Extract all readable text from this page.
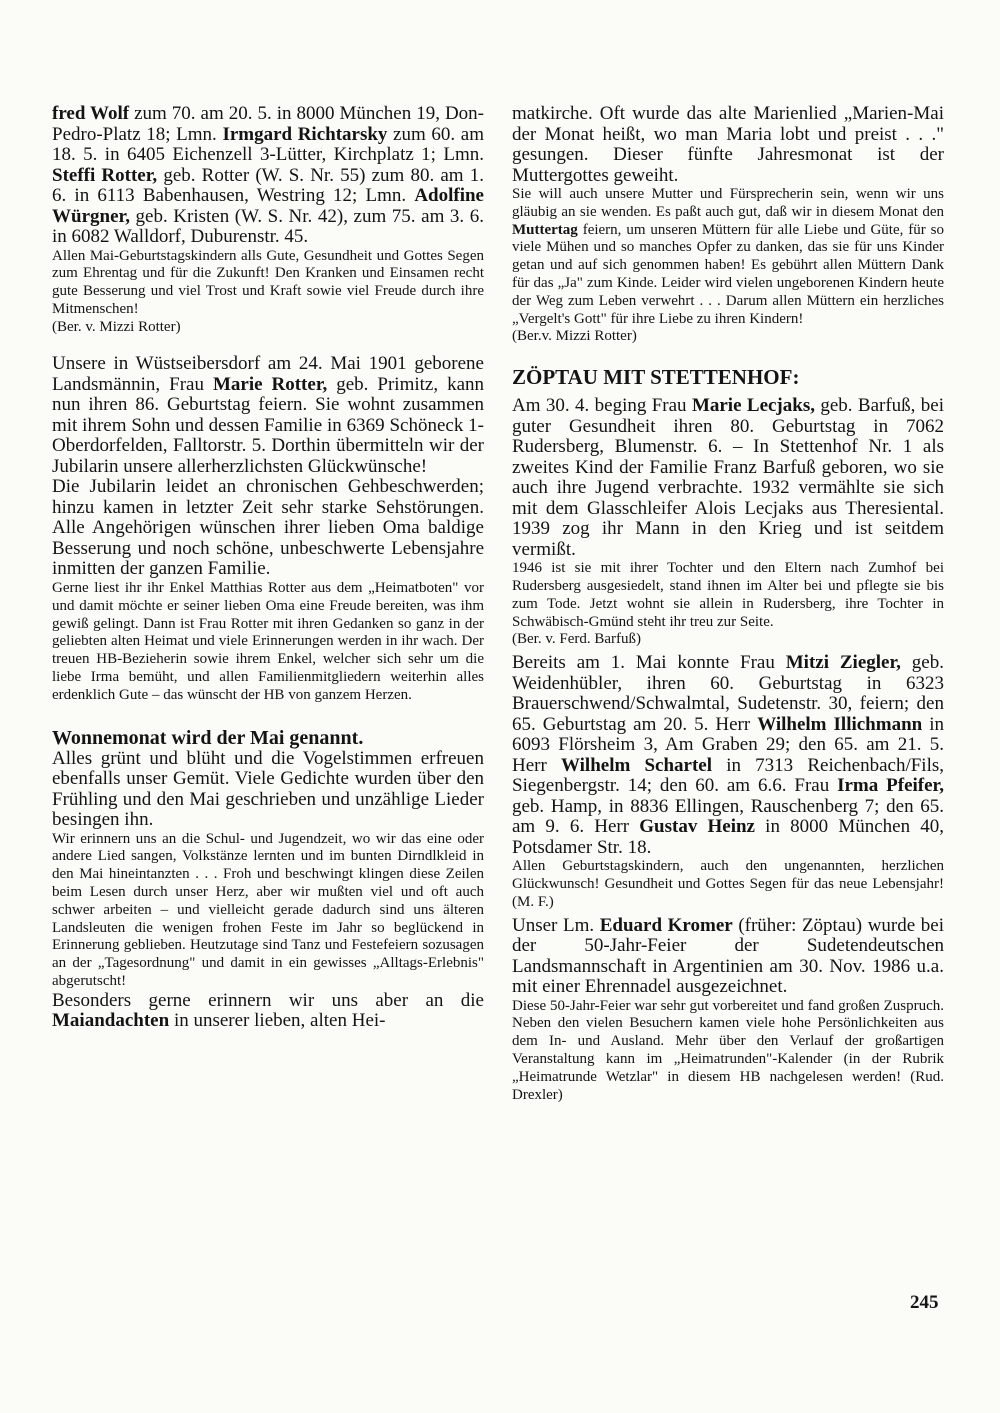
fred Wolf zum 70. am 20. 5. in 8000 München 19, Don-Pedro-Platz 18; Lmn. Irmgard Richtarsky zum 60. am 18. 5. in 6405 Eichenzell 3-Lütter, Kirchplatz 1; Lmn. Steffi Rotter, geb. Rotter (W. S. Nr. 55) zum 80. am 1. 6. in 6113 Babenhausen, Westring 12; Lmn. Adolfine Würgner, geb. Kristen (W. S. Nr. 42), zum 75. am 3. 6. in 6082 Walldorf, Duburenstr. 45.

Allen Mai-Geburtstagskindern alls Gute, Gesundheit und Gottes Segen zum Ehrentag und für die Zukunft! Den Kranken und Einsamen recht gute Besserung und viel Trost und Kraft sowie viel Freude durch ihre Mitmenschen!

(Ber. v. Mizzi Rotter)

Unsere in Wüstseibersdorf am 24. Mai 1901 geborene Landsmännin, Frau Marie Rotter, geb. Primitz, kann nun ihren 86. Geburtstag feiern. Sie wohnt zusammen mit ihrem Sohn und dessen Familie in 6369 Schöneck 1-Oberdorfelden, Falltorstr. 5. Dorthin übermitteln wir der Jubilarin unsere allerherzlichsten Glückwünsche!

Die Jubilarin leidet an chronischen Gehbeschwerden; hinzu kamen in letzter Zeit sehr starke Sehstörungen. Alle Angehörigen wünschen ihrer lieben Oma baldige Besserung und noch schöne, unbeschwerte Lebensjahre inmitten der ganzen Familie.

Gerne liest ihr ihr Enkel Matthias Rotter aus dem „Heimatboten" vor und damit möchte er seiner lieben Oma eine Freude bereiten, was ihm gewiß gelingt. Dann ist Frau Rotter mit ihren Gedanken so ganz in der geliebten alten Heimat und viele Erinnerungen werden in ihr wach. Der treuen HB-Bezieherin sowie ihrem Enkel, welcher sich sehr um die liebe Irma bemüht, und allen Familienmitgliedern weiterhin alles erdenklich Gute – das wünscht der HB von ganzem Herzen.

Wonnemonat wird der Mai genannt.

Alles grünt und blüht und die Vogelstimmen erfreuen ebenfalls unser Gemüt. Viele Gedichte wurden über den Frühling und den Mai geschrieben und unzählige Lieder besingen ihn.

Wir erinnern uns an die Schul- und Jugendzeit, wo wir das eine oder andere Lied sangen, Volkstänze lernten und im bunten Dirndlkleid in den Mai hineintanzten . . . Froh und beschwingt klingen diese Zeilen beim Lesen durch unser Herz, aber wir mußten viel und oft auch schwer arbeiten – und vielleicht gerade dadurch sind uns älteren Landsleuten die wenigen frohen Feste im Jahr so beglückend in Erinnerung geblieben. Heutzutage sind Tanz und Festefeiern sozusagen an der „Tagesordnung" und damit in ein gewisses „Alltags-Erlebnis" abgerutscht!

Besonders gerne erinnern wir uns aber an die Maiandachten in unserer lieben, alten Hei-

matkirche. Oft wurde das alte Marienlied „Marien-Mai der Monat heißt, wo man Maria lobt und preist . . ." gesungen. Dieser fünfte Jahresmonat ist der Muttergottes geweiht.

Sie will auch unsere Mutter und Fürsprecherin sein, wenn wir uns gläubig an sie wenden. Es paßt auch gut, daß wir in diesem Monat den Muttertag feiern, um unseren Müttern für alle Liebe und Güte, für so viele Mühen und so manches Opfer zu danken, das sie für uns Kinder getan und auf sich genommen haben! Es gebührt allen Müttern Dank für das „Ja" zum Kinde. Leider wird vielen ungeborenen Kindern heute der Weg zum Leben verwehrt . . . Darum allen Müttern ein herzliches „Vergelt's Gott" für ihre Liebe zu ihren Kindern!

(Ber.v. Mizzi Rotter)

ZÖPTAU MIT STETTENHOF:

Am 30. 4. beging Frau Marie Lecjaks, geb. Barfuß, bei guter Gesundheit ihren 80. Geburtstag in 7062 Rudersberg, Blumenstr. 6. – In Stettenhof Nr. 1 als zweites Kind der Familie Franz Barfuß geboren, wo sie auch ihre Jugend verbrachte. 1932 vermählte sie sich mit dem Glasschleifer Alois Lecjaks aus Theresiental. 1939 zog ihr Mann in den Krieg und ist seitdem vermißt.

1946 ist sie mit ihrer Tochter und den Eltern nach Zumhof bei Rudersberg ausgesiedelt, stand ihnen im Alter bei und pflegte sie bis zum Tode. Jetzt wohnt sie allein in Rudersberg, ihre Tochter in Schwäbisch-Gmünd steht ihr treu zur Seite.

(Ber. v. Ferd. Barfuß)

Bereits am 1. Mai konnte Frau Mitzi Ziegler, geb. Weidenhübler, ihren 60. Geburtstag in 6323 Brauerschwend/Schwalmtal, Sudetenstr. 30, feiern; den 65. Geburtstag am 20. 5. Herr Wilhelm Illichmann in 6093 Flörsheim 3, Am Graben 29; den 65. am 21. 5. Herr Wilhelm Schartel in 7313 Reichenbach/Fils, Siegenbergstr. 14; den 60. am 6.6. Frau Irma Pfeifer, geb. Hamp, in 8836 Ellingen, Rauschenberg 7; den 65. am 9. 6. Herr Gustav Heinz in 8000 München 40, Potsdamer Str. 18.

Allen Geburtstagskindern, auch den ungenannten, herzlichen Glückwunsch! Gesundheit und Gottes Segen für das neue Lebensjahr! (M. F.)

Unser Lm. Eduard Kromer (früher: Zöptau) wurde bei der 50-Jahr-Feier der Sudetendeutschen Landsmannschaft in Argentinien am 30. Nov. 1986 u.a. mit einer Ehrennadel ausgezeichnet.

Diese 50-Jahr-Feier war sehr gut vorbereitet und fand großen Zuspruch. Neben den vielen Besuchern kamen viele hohe Persönlichkeiten aus dem In- und Ausland. Mehr über den Verlauf der großartigen Veranstaltung kann im „Heimatrunden"-Kalender (in der Rubrik „Heimatrunde Wetzlar" in diesem HB nachgelesen werden! (Rud. Drexler)

245
